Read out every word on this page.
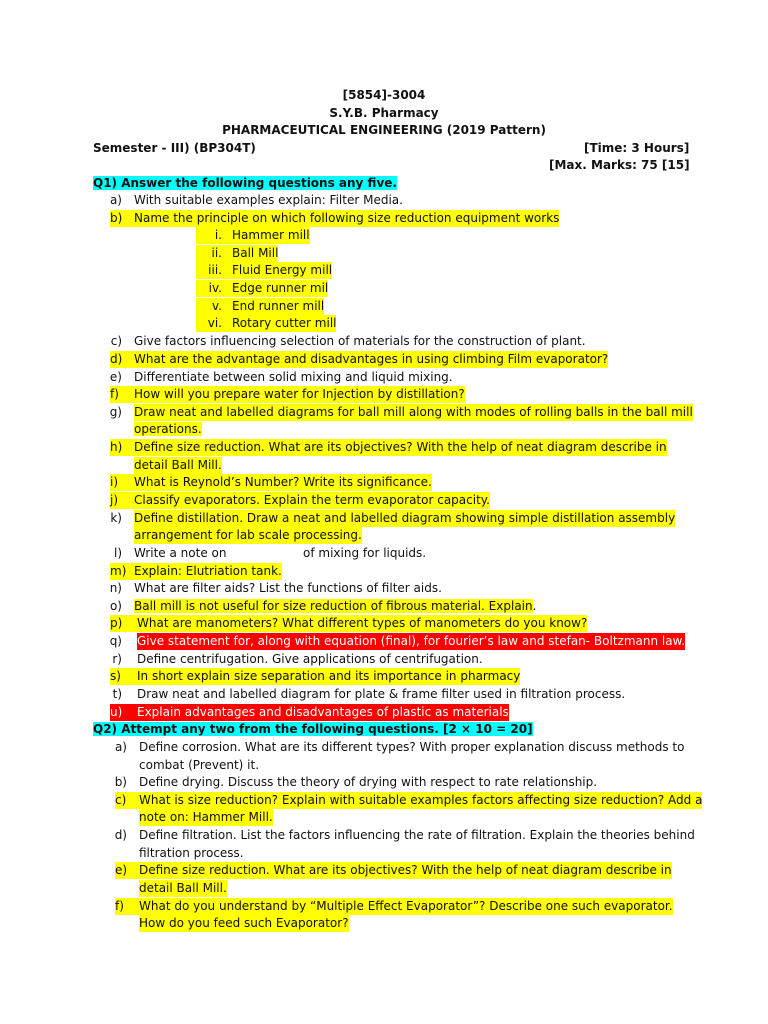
[5854]-3004
S.Y.B. Pharmacy
PHARMACEUTICAL ENGINEERING (2019 Pattern)
Semester - III) (BP304T)	[Time: 3 Hours]
[Max. Marks: 75 [15]
Q1) Answer the following questions any five.
a) With suitable examples explain: Filter Media.
b) Name the principle on which following size reduction equipment works
i. Hammer mill
ii. Ball Mill
iii. Fluid Energy mill
iv. Edge runner mil
v. End runner mill
vi. Rotary cutter mill
c) Give factors influencing selection of materials for the construction of plant.
d) What are the advantage and disadvantages in using climbing Film evaporator?
e) Differentiate between solid mixing and liquid mixing.
f)	How will you prepare water for Injection by distillation?
g) Draw neat and labelled diagrams for ball mill along with modes of rolling balls in the ball mill
operations.
h) Define size reduction. What are its objectives? With the help of neat diagram describe in
detail Ball Mill.
i)	What is Reynold’s Number? Write its significance.
j)	Classify evaporators. Explain the term evaporator capacity.
k) Define distillation. Draw a neat and labelled diagram showing simple distillation assembly
arrangement for lab scale processing.
l) Write a note on	of mixing for liquids.
m) Explain: Elutriation tank.
n) What are filter aids? List the functions of filter aids.
o) Ball mill is not useful for size reduction of fibrous material. Explain.
p)	What are manometers? What different types of manometers do you know?
q) Give statement for, along with equation (final), for fourier’s law and stefan- Boltzmann law.
r) Define centrifugation. Give applications of centrifugation.
s)	In short explain size separation and its importance in pharmacy
t) Draw neat and labelled diagram for plate & frame filter used in filtration process.
u)	Explain advantages and disadvantages of plastic as materials
Q2) Attempt any two from the following questions. [2 × 10 = 20]
a) Define corrosion. What are its different types? With proper explanation discuss methods to
combat (Prevent) it.
b) Define drying. Discuss the theory of drying with respect to rate relationship.
c)	What is size reduction? Explain with suitable examples factors affecting size reduction? Add a
note on: Hammer Mill.
d) Define filtration. List the factors influencing the rate of filtration. Explain the theories behind
filtration process.
e) Define size reduction. What are its objectives? With the help of neat diagram describe in
detail Ball Mill.
f)	What do you understand by “Multiple Effect Evaporator”? Describe one such evaporator.
How do you feed such Evaporator?
